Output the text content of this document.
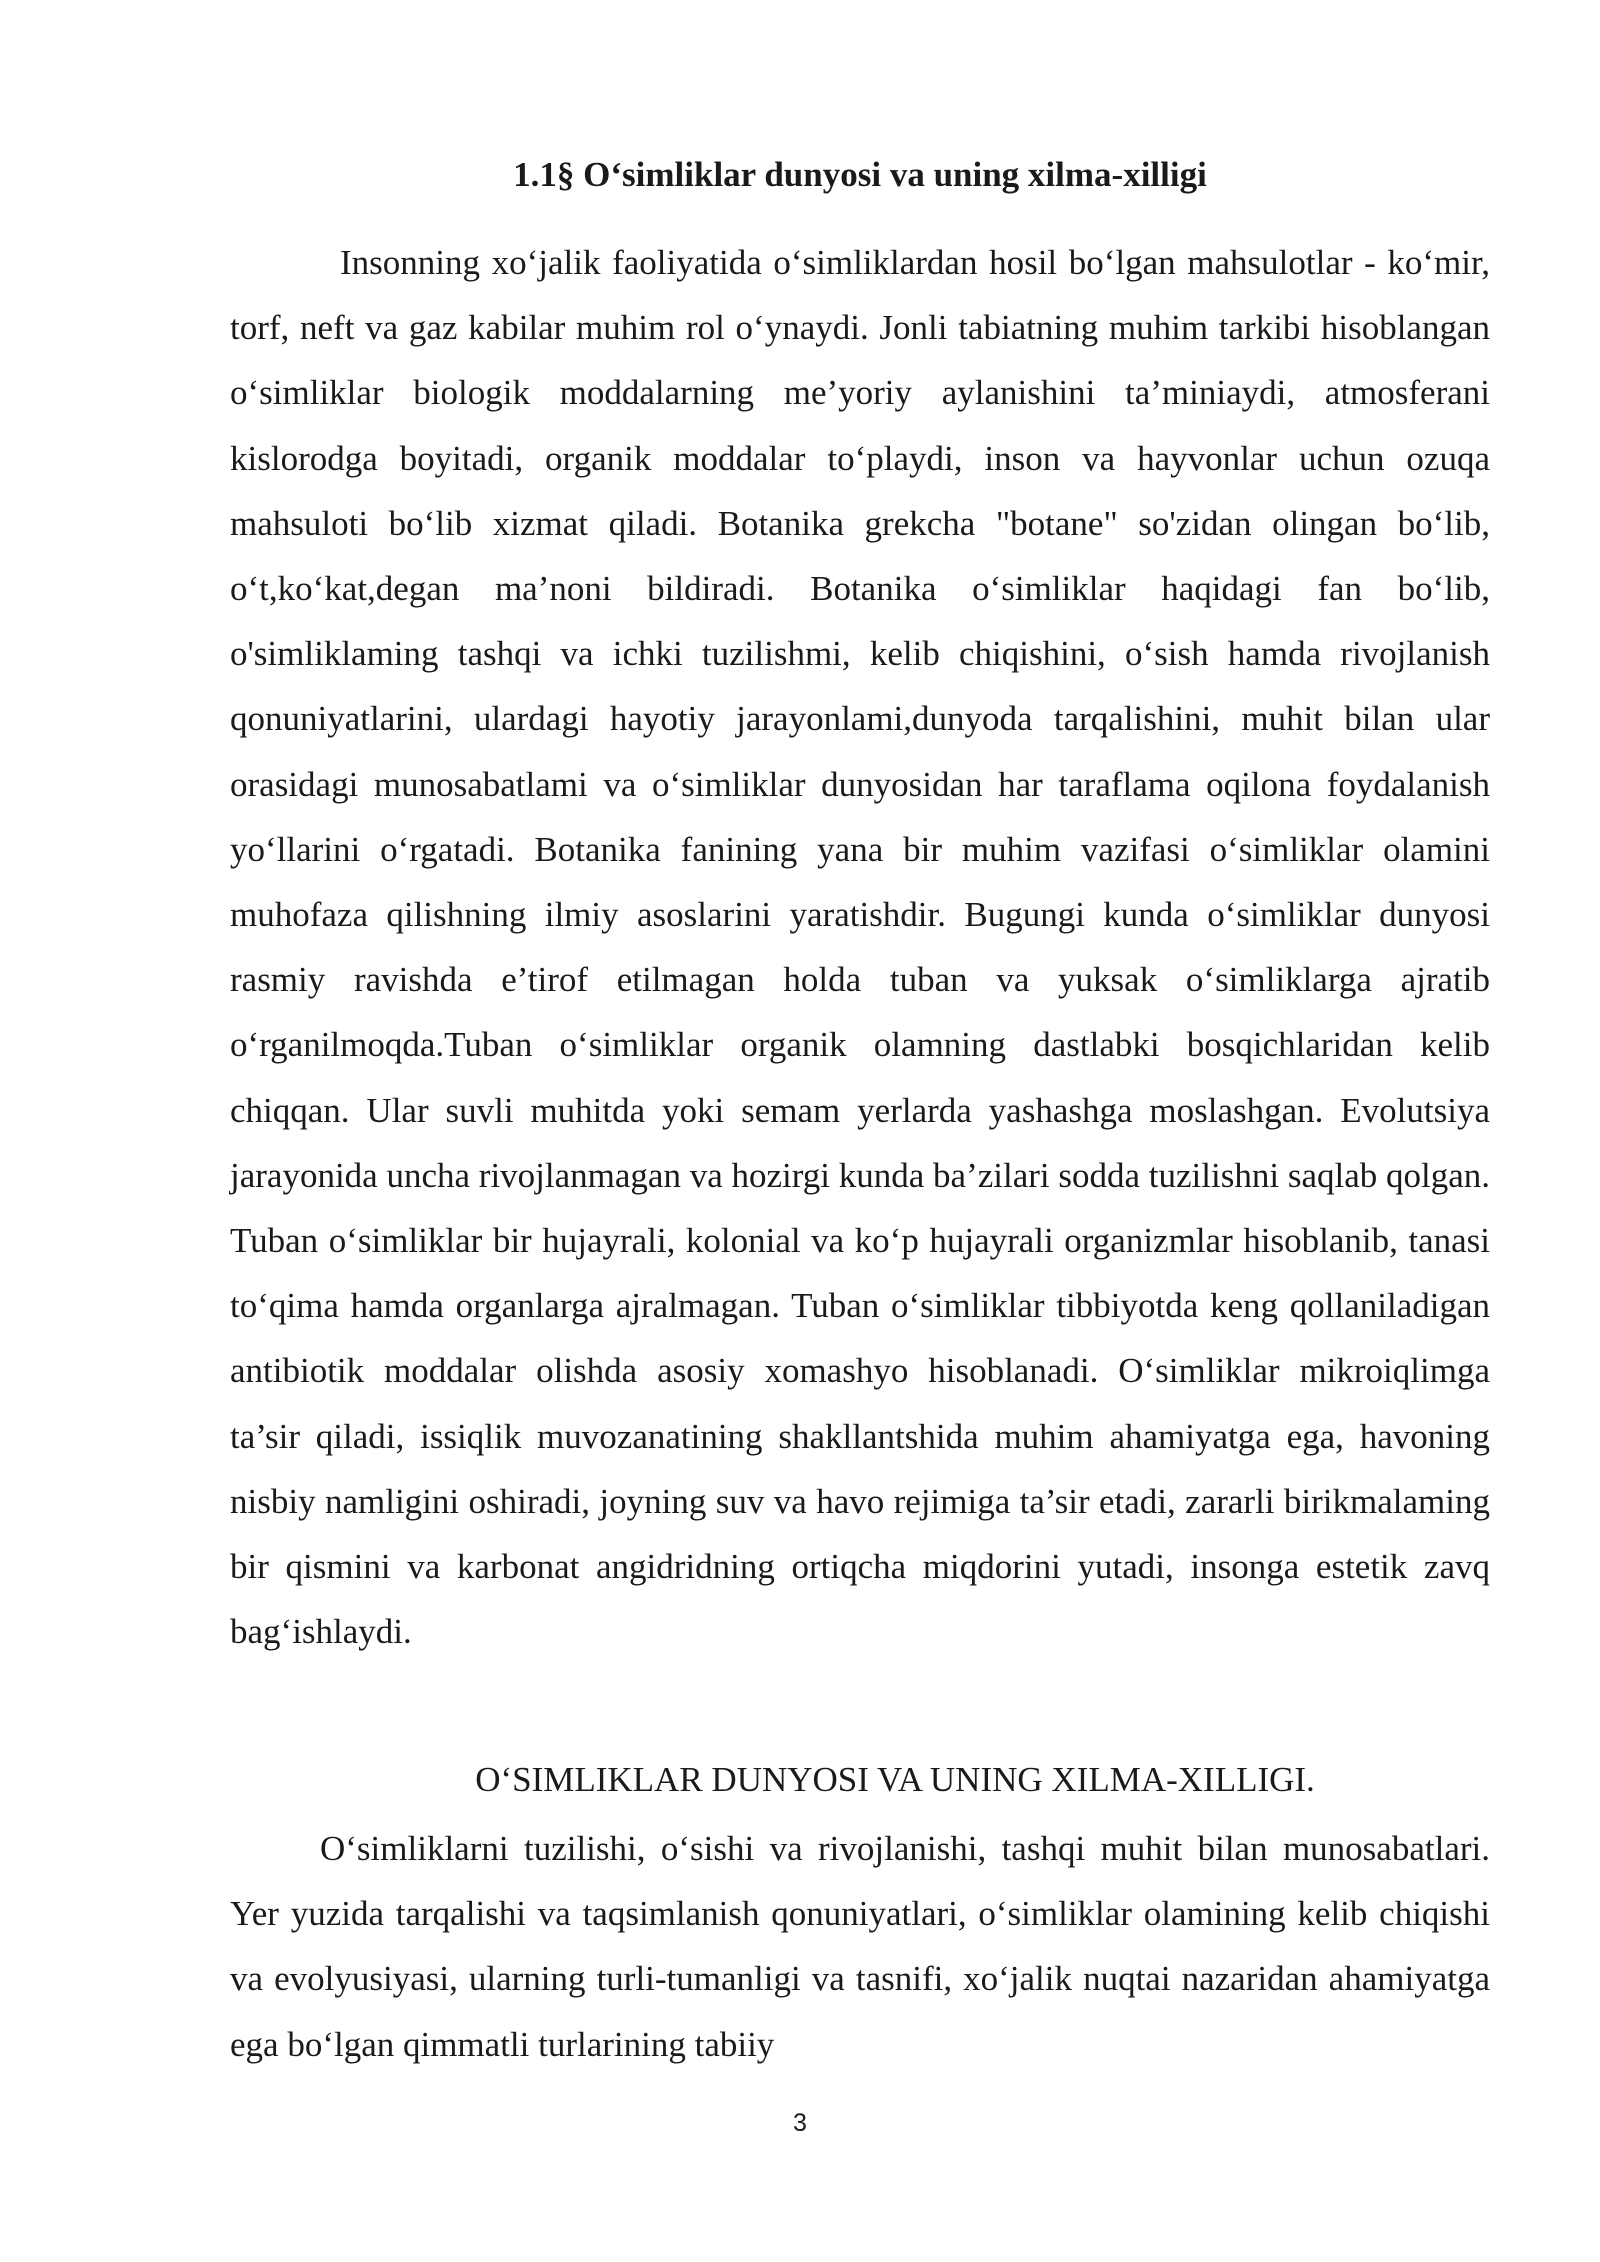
1.1§ O‘simliklar dunyosi va uning xilma-xilligi

Insonning xo‘jalik faoliyatida o‘simliklardan hosil bo‘lgan mahsulotlar - ko‘mir, torf, neft va gaz kabilar muhim rol o‘ynaydi. Jonli tabiatning muhim tarkibi hisoblangan o‘simliklar biologik moddalarning me’yoriy aylanishini ta’miniaydi, atmosferani kislorodga boyitadi, organik moddalar to‘playdi, inson va hayvonlar uchun ozuqa mahsuloti bo‘lib xizmat qiladi. Botanika grekcha "botane" so'zidan olingan bo‘lib, o‘t,ko‘kat,degan ma’noni bildiradi. Botanika o‘simliklar haqidagi fan bo‘lib, o'simliklaming tashqi va ichki tuzilishmi, kelib chiqishini, o‘sish hamda rivojlanish qonuniyatlarini, ulardagi hayotiy jarayonlami,dunyoda tarqalishini, muhit bilan ular orasidagi munosabatlami va o‘simliklar dunyosidan har taraflama oqilona foydalanish yo‘llarini o‘rgatadi. Botanika fanining yana bir muhim vazifasi o‘simliklar olamini muhofaza qilishning ilmiy asoslarini yaratishdir. Bugungi kunda o‘simliklar dunyosi rasmiy ravishda e’tirof etilmagan holda tuban va yuksak o‘simliklarga ajratib o‘rganilmoqda.Tuban o‘simliklar organik olamning dastlabki bosqichlaridan kelib chiqqan. Ular suvli muhitda yoki semam yerlarda yashashga moslashgan. Evolutsiya jarayonida uncha rivojlanmagan va hozirgi kunda ba’zilari sodda tuzilishni saqlab qolgan. Tuban o‘simliklar bir hujayrali, kolonial va ko‘p hujayrali organizmlar hisoblanib, tanasi to‘qima hamda organlarga ajralmagan. Tuban o‘simliklar tibbiyotda keng qollaniladigan antibiotik moddalar olishda asosiy xomashyo hisoblanadi. O‘simliklar mikroiqlimga ta’sir qiladi, issiqlik muvozanatining shakllantshida muhim ahamiyatga ega, havoning nisbiy namligini oshiradi, joyning suv va havo rejimiga ta’sir etadi, zararli birikmalaming bir qismini va karbonat angidridning ortiqcha miqdorini yutadi, insonga estetik zavq bag‘ishlaydi.

O‘SIMLIKLAR DUNYOSI VA UNING XILMA-XILLIGI.

O‘simliklarni tuzilishi, o‘sishi va rivojlanishi, tashqi muhit bilan munosabatlari. Yer yuzida tarqalishi va taqsimlanish qonuniyatlari, o‘simliklar olamining kelib chiqishi va evolyusiyasi, ularning turli-tumanligi va tasnifi, xo‘jalik nuqtai nazaridan ahamiyatga ega bo‘lgan qimmatli turlarining tabiiy

3
